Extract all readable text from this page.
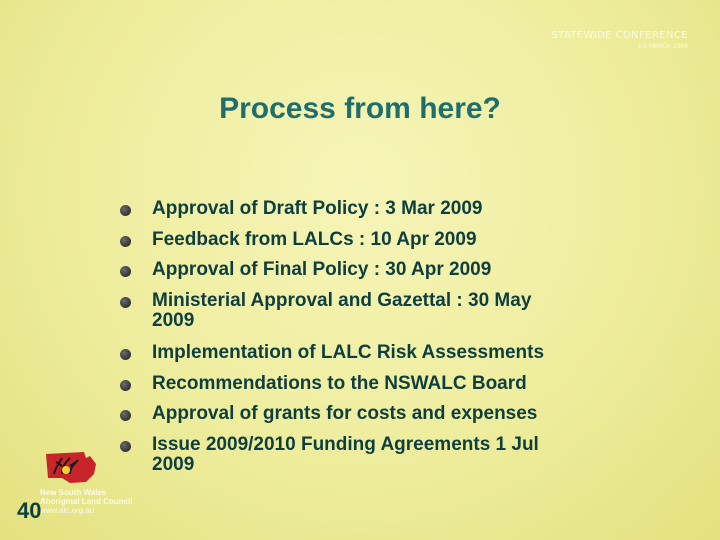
STATEWIDE CONFERENCE
3-5 MARCH 2009
Process from here?
Approval of Draft Policy : 3 Mar 2009
Feedback from LALCs : 10 Apr 2009
Approval of Final Policy : 30 Apr 2009
Ministerial Approval and Gazettal : 30 May
2009
Implementation of LALC Risk Assessments
Recommendations to the NSWALC Board
Approval of grants for costs and expenses
Issue 2009/2010 Funding Agreements 1 Jul
2009
New South Wales
Aboriginal Land Council
www.alc.org.au
40
